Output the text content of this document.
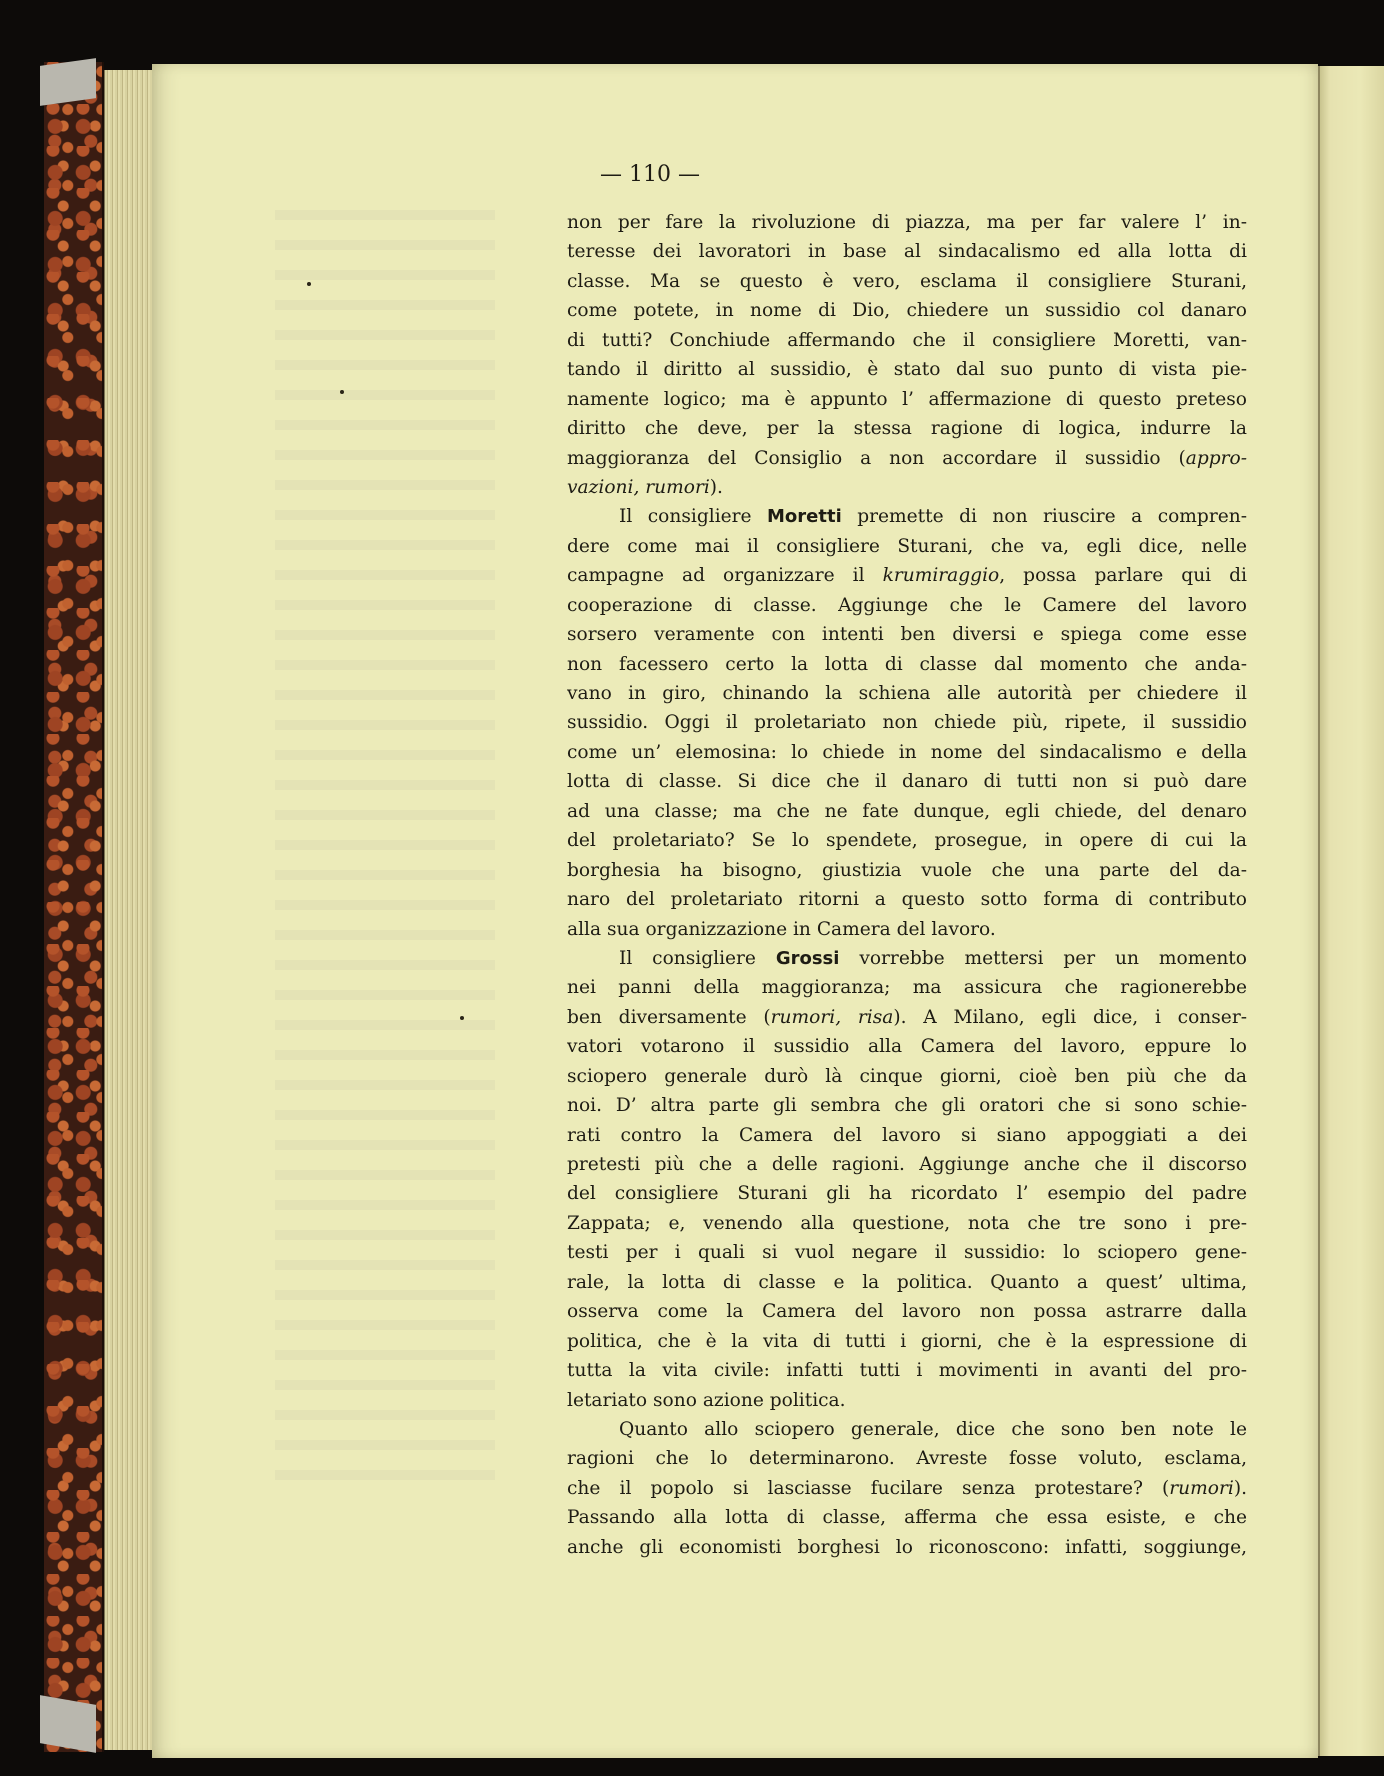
— 110 —
non per fare la rivoluzione di piazza, ma per far valere l’ in-
teresse dei lavoratori in base al sindacalismo ed alla lotta di
classe. Ma se questo è vero, esclama il consigliere Sturani,
come potete, in nome di Dio, chiedere un sussidio col danaro
di tutti? Conchiude affermando che il consigliere Moretti, van-
tando il diritto al sussidio, è stato dal suo punto di vista pie-
namente logico; ma è appunto l’ affermazione di questo preteso
diritto che deve, per la stessa ragione di logica, indurre la
maggioranza del Consiglio a non accordare il sussidio (appro-
vazioni, rumori).
Il consigliere Moretti premette di non riuscire a compren-
dere come mai il consigliere Sturani, che va, egli dice, nelle
campagne ad organizzare il krumiraggio, possa parlare qui di
cooperazione di classe. Aggiunge che le Camere del lavoro
sorsero veramente con intenti ben diversi e spiega come esse
non facessero certo la lotta di classe dal momento che anda-
vano in giro, chinando la schiena alle autorità per chiedere il
sussidio. Oggi il proletariato non chiede più, ripete, il sussidio
come un’ elemosina: lo chiede in nome del sindacalismo e della
lotta di classe. Si dice che il danaro di tutti non si può dare
ad una classe; ma che ne fate dunque, egli chiede, del denaro
del proletariato? Se lo spendete, prosegue, in opere di cui la
borghesia ha bisogno, giustizia vuole che una parte del da-
naro del proletariato ritorni a questo sotto forma di contributo
alla sua organizzazione in Camera del lavoro.
Il consigliere Grossi vorrebbe mettersi per un momento
nei panni della maggioranza; ma assicura che ragionerebbe
ben diversamente (rumori, risa). A Milano, egli dice, i conser-
vatori votarono il sussidio alla Camera del lavoro, eppure lo
sciopero generale durò là cinque giorni, cioè ben più che da
noi. D’ altra parte gli sembra che gli oratori che si sono schie-
rati contro la Camera del lavoro si siano appoggiati a dei
pretesti più che a delle ragioni. Aggiunge anche che il discorso
del consigliere Sturani gli ha ricordato l’ esempio del padre
Zappata; e, venendo alla questione, nota che tre sono i pre-
testi per i quali si vuol negare il sussidio: lo sciopero gene-
rale, la lotta di classe e la politica. Quanto a quest’ ultima,
osserva come la Camera del lavoro non possa astrarre dalla
politica, che è la vita di tutti i giorni, che è la espressione di
tutta la vita civile: infatti tutti i movimenti in avanti del pro-
letariato sono azione politica.
Quanto allo sciopero generale, dice che sono ben note le
ragioni che lo determinarono. Avreste fosse voluto, esclama,
che il popolo si lasciasse fucilare senza protestare? (rumori).
Passando alla lotta di classe, afferma che essa esiste, e che
anche gli economisti borghesi lo riconoscono: infatti, soggiunge,
